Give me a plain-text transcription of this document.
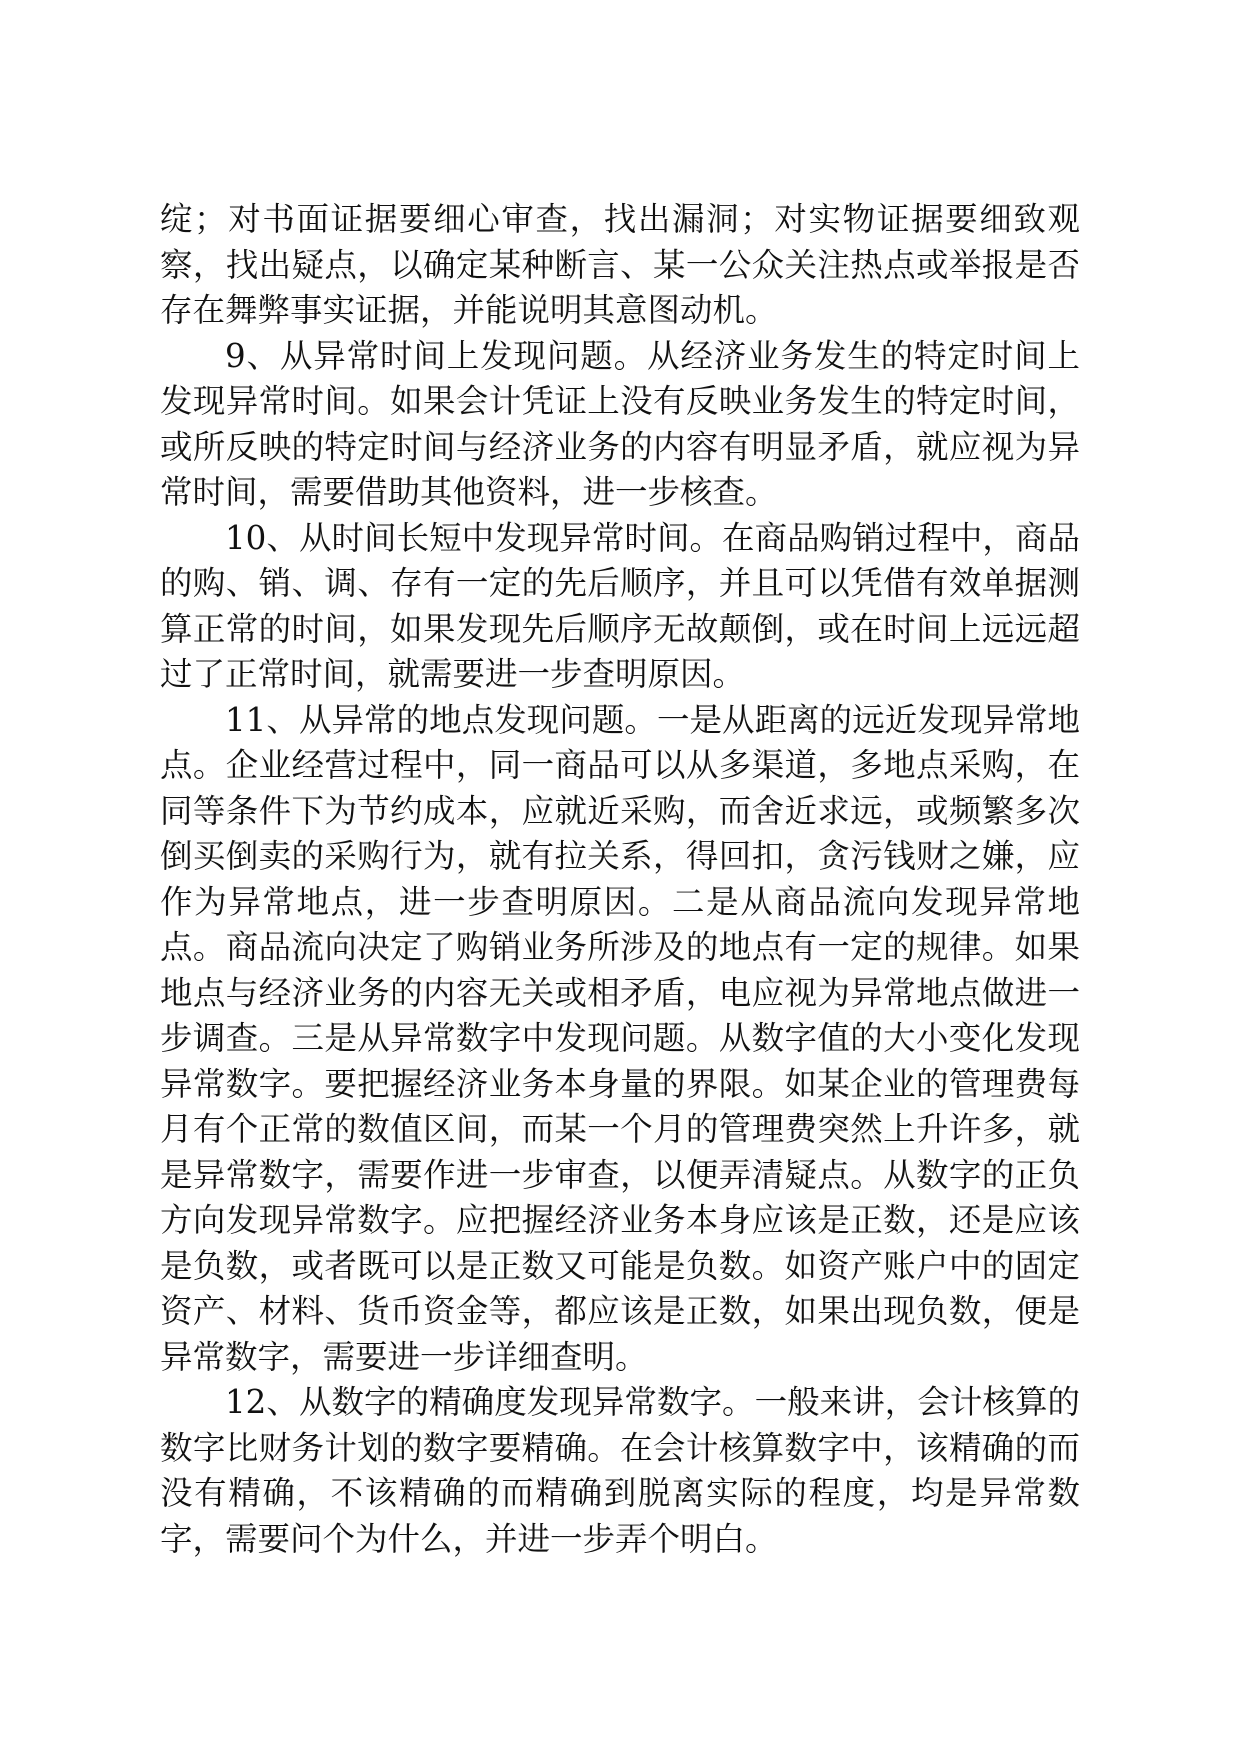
绽；对书面证据要细心审查，找出漏洞；对实物证据要细致观察，找出疑点，以确定某种断言、某一公众关注热点或举报是否存在舞弊事实证据，并能说明其意图动机。

9、从异常时间上发现问题。从经济业务发生的特定时间上发现异常时间。如果会计凭证上没有反映业务发生的特定时间，或所反映的特定时间与经济业务的内容有明显矛盾，就应视为异常时间，需要借助其他资料，进一步核查。

10、从时间长短中发现异常时间。在商品购销过程中，商品的购、销、调、存有一定的先后顺序，并且可以凭借有效单据测算正常的时间，如果发现先后顺序无故颠倒，或在时间上远远超过了正常时间，就需要进一步查明原因。

11、从异常的地点发现问题。一是从距离的远近发现异常地点。企业经营过程中，同一商品可以从多渠道，多地点采购，在同等条件下为节约成本，应就近采购，而舍近求远，或频繁多次倒买倒卖的采购行为，就有拉关系，得回扣，贪污钱财之嫌，应作为异常地点，进一步查明原因。二是从商品流向发现异常地点。商品流向决定了购销业务所涉及的地点有一定的规律。如果地点与经济业务的内容无关或相矛盾，电应视为异常地点做进一步调查。三是从异常数字中发现问题。从数字值的大小变化发现异常数字。要把握经济业务本身量的界限。如某企业的管理费每月有个正常的数值区间，而某一个月的管理费突然上升许多，就是异常数字，需要作进一步审查，以便弄清疑点。从数字的正负方向发现异常数字。应把握经济业务本身应该是正数，还是应该是负数，或者既可以是正数又可能是负数。如资产账户中的固定资产、材料、货币资金等，都应该是正数，如果出现负数，便是异常数字，需要进一步详细查明。

12、从数字的精确度发现异常数字。一般来讲，会计核算的数字比财务计划的数字要精确。在会计核算数字中，该精确的而没有精确，不该精确的而精确到脱离实际的程度，均是异常数字，需要问个为什么，并进一步弄个明白。
